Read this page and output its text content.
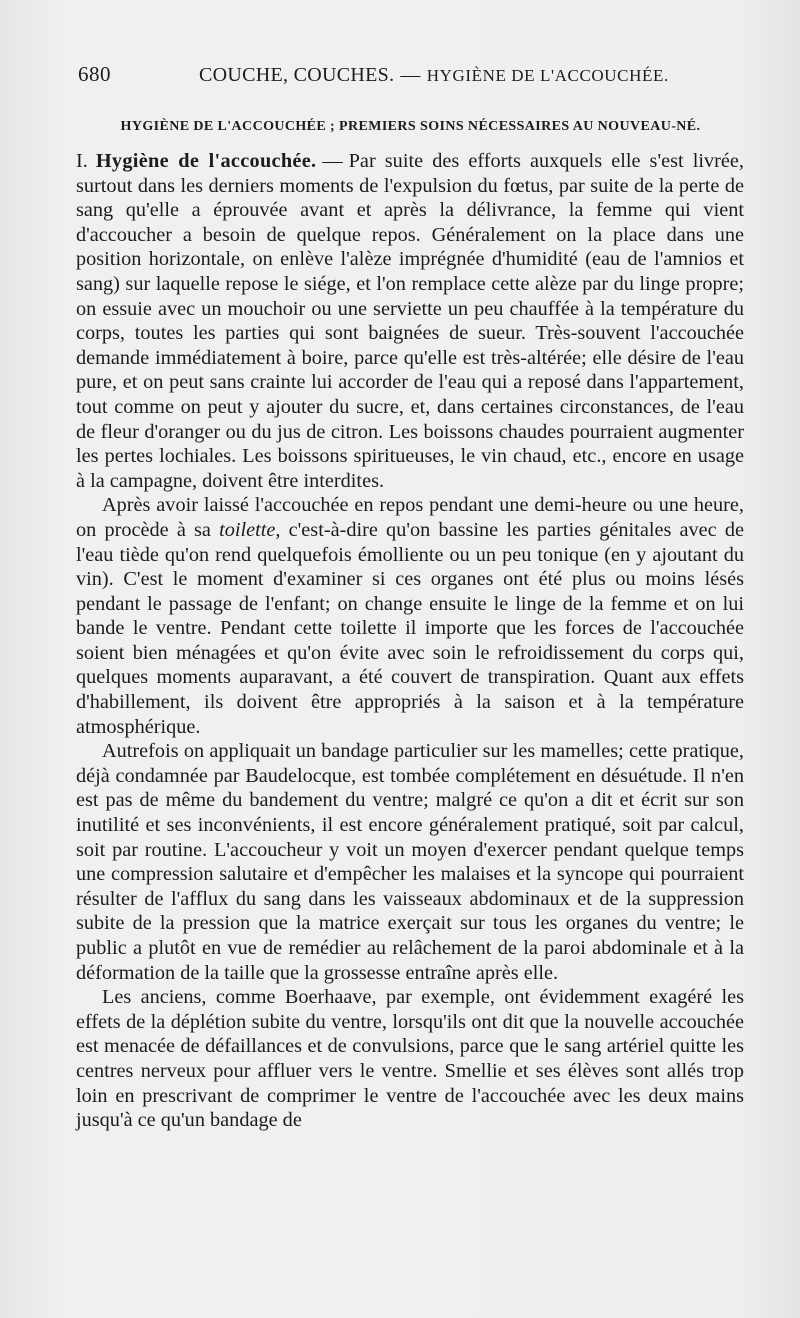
680	COUCHE, COUCHES. — HYGIÈNE DE L'ACCOUCHÉE.
HYGIÈNE DE L'ACCOUCHÉE ; PREMIERS SOINS NÉCESSAIRES AU NOUVEAU-NÉ.

I. Hygiène de l'accouchée. — Par suite des efforts auxquels elle s'est livrée, surtout dans les derniers moments de l'expulsion du fœtus, par suite de la perte de sang qu'elle a éprouvée avant et après la délivrance, la femme qui vient d'accoucher a besoin de quelque repos. Généralement on la place dans une position horizontale, on enlève l'alèze imprégnée d'humidité (eau de l'amnios et sang) sur laquelle repose le siége, et l'on remplace cette alèze par du linge propre; on essuie avec un mouchoir ou une serviette un peu chauffée à la température du corps, toutes les parties qui sont baignées de sueur. Très-souvent l'accouchée demande immédiatement à boire, parce qu'elle est très-altérée; elle désire de l'eau pure, et on peut sans crainte lui accorder de l'eau qui a reposé dans l'appartement, tout comme on peut y ajouter du sucre, et, dans certaines circonstances, de l'eau de fleur d'oranger ou du jus de citron. Les boissons chaudes pourraient augmenter les pertes lochiales. Les boissons spiritueuses, le vin chaud, etc., encore en usage à la campagne, doivent être interdites.

Après avoir laissé l'accouchée en repos pendant une demi-heure ou une heure, on procède à sa toilette, c'est-à-dire qu'on bassine les parties génitales avec de l'eau tiède qu'on rend quelquefois émolliente ou un peu tonique (en y ajoutant du vin). C'est le moment d'examiner si ces organes ont été plus ou moins lésés pendant le passage de l'enfant; on change ensuite le linge de la femme et on lui bande le ventre. Pendant cette toilette il importe que les forces de l'accouchée soient bien ménagées et qu'on évite avec soin le refroidissement du corps qui, quelques moments auparavant, a été couvert de transpiration. Quant aux effets d'habillement, ils doivent être appropriés à la saison et à la température atmosphérique.

Autrefois on appliquait un bandage particulier sur les mamelles; cette pratique, déjà condamnée par Baudelocque, est tombée complétement en désuétude. Il n'en est pas de même du bandement du ventre; malgré ce qu'on a dit et écrit sur son inutilité et ses inconvénients, il est encore généralement pratiqué, soit par calcul, soit par routine. L'accoucheur y voit un moyen d'exercer pendant quelque temps une compression salutaire et d'empêcher les malaises et la syncope qui pourraient résulter de l'afflux du sang dans les vaisseaux abdominaux et de la suppression subite de la pression que la matrice exerçait sur tous les organes du ventre; le public a plutôt en vue de remédier au relâchement de la paroi abdominale et à la déformation de la taille que la grossesse entraîne après elle.

Les anciens, comme Boerhaave, par exemple, ont évidemment exagéré les effets de la déplétion subite du ventre, lorsqu'ils ont dit que la nouvelle accouchée est menacée de défaillances et de convulsions, parce que le sang artériel quitte les centres nerveux pour affluer vers le ventre. Smellie et ses élèves sont allés trop loin en prescrivant de comprimer le ventre de l'accouchée avec les deux mains jusqu'à ce qu'un bandage de
